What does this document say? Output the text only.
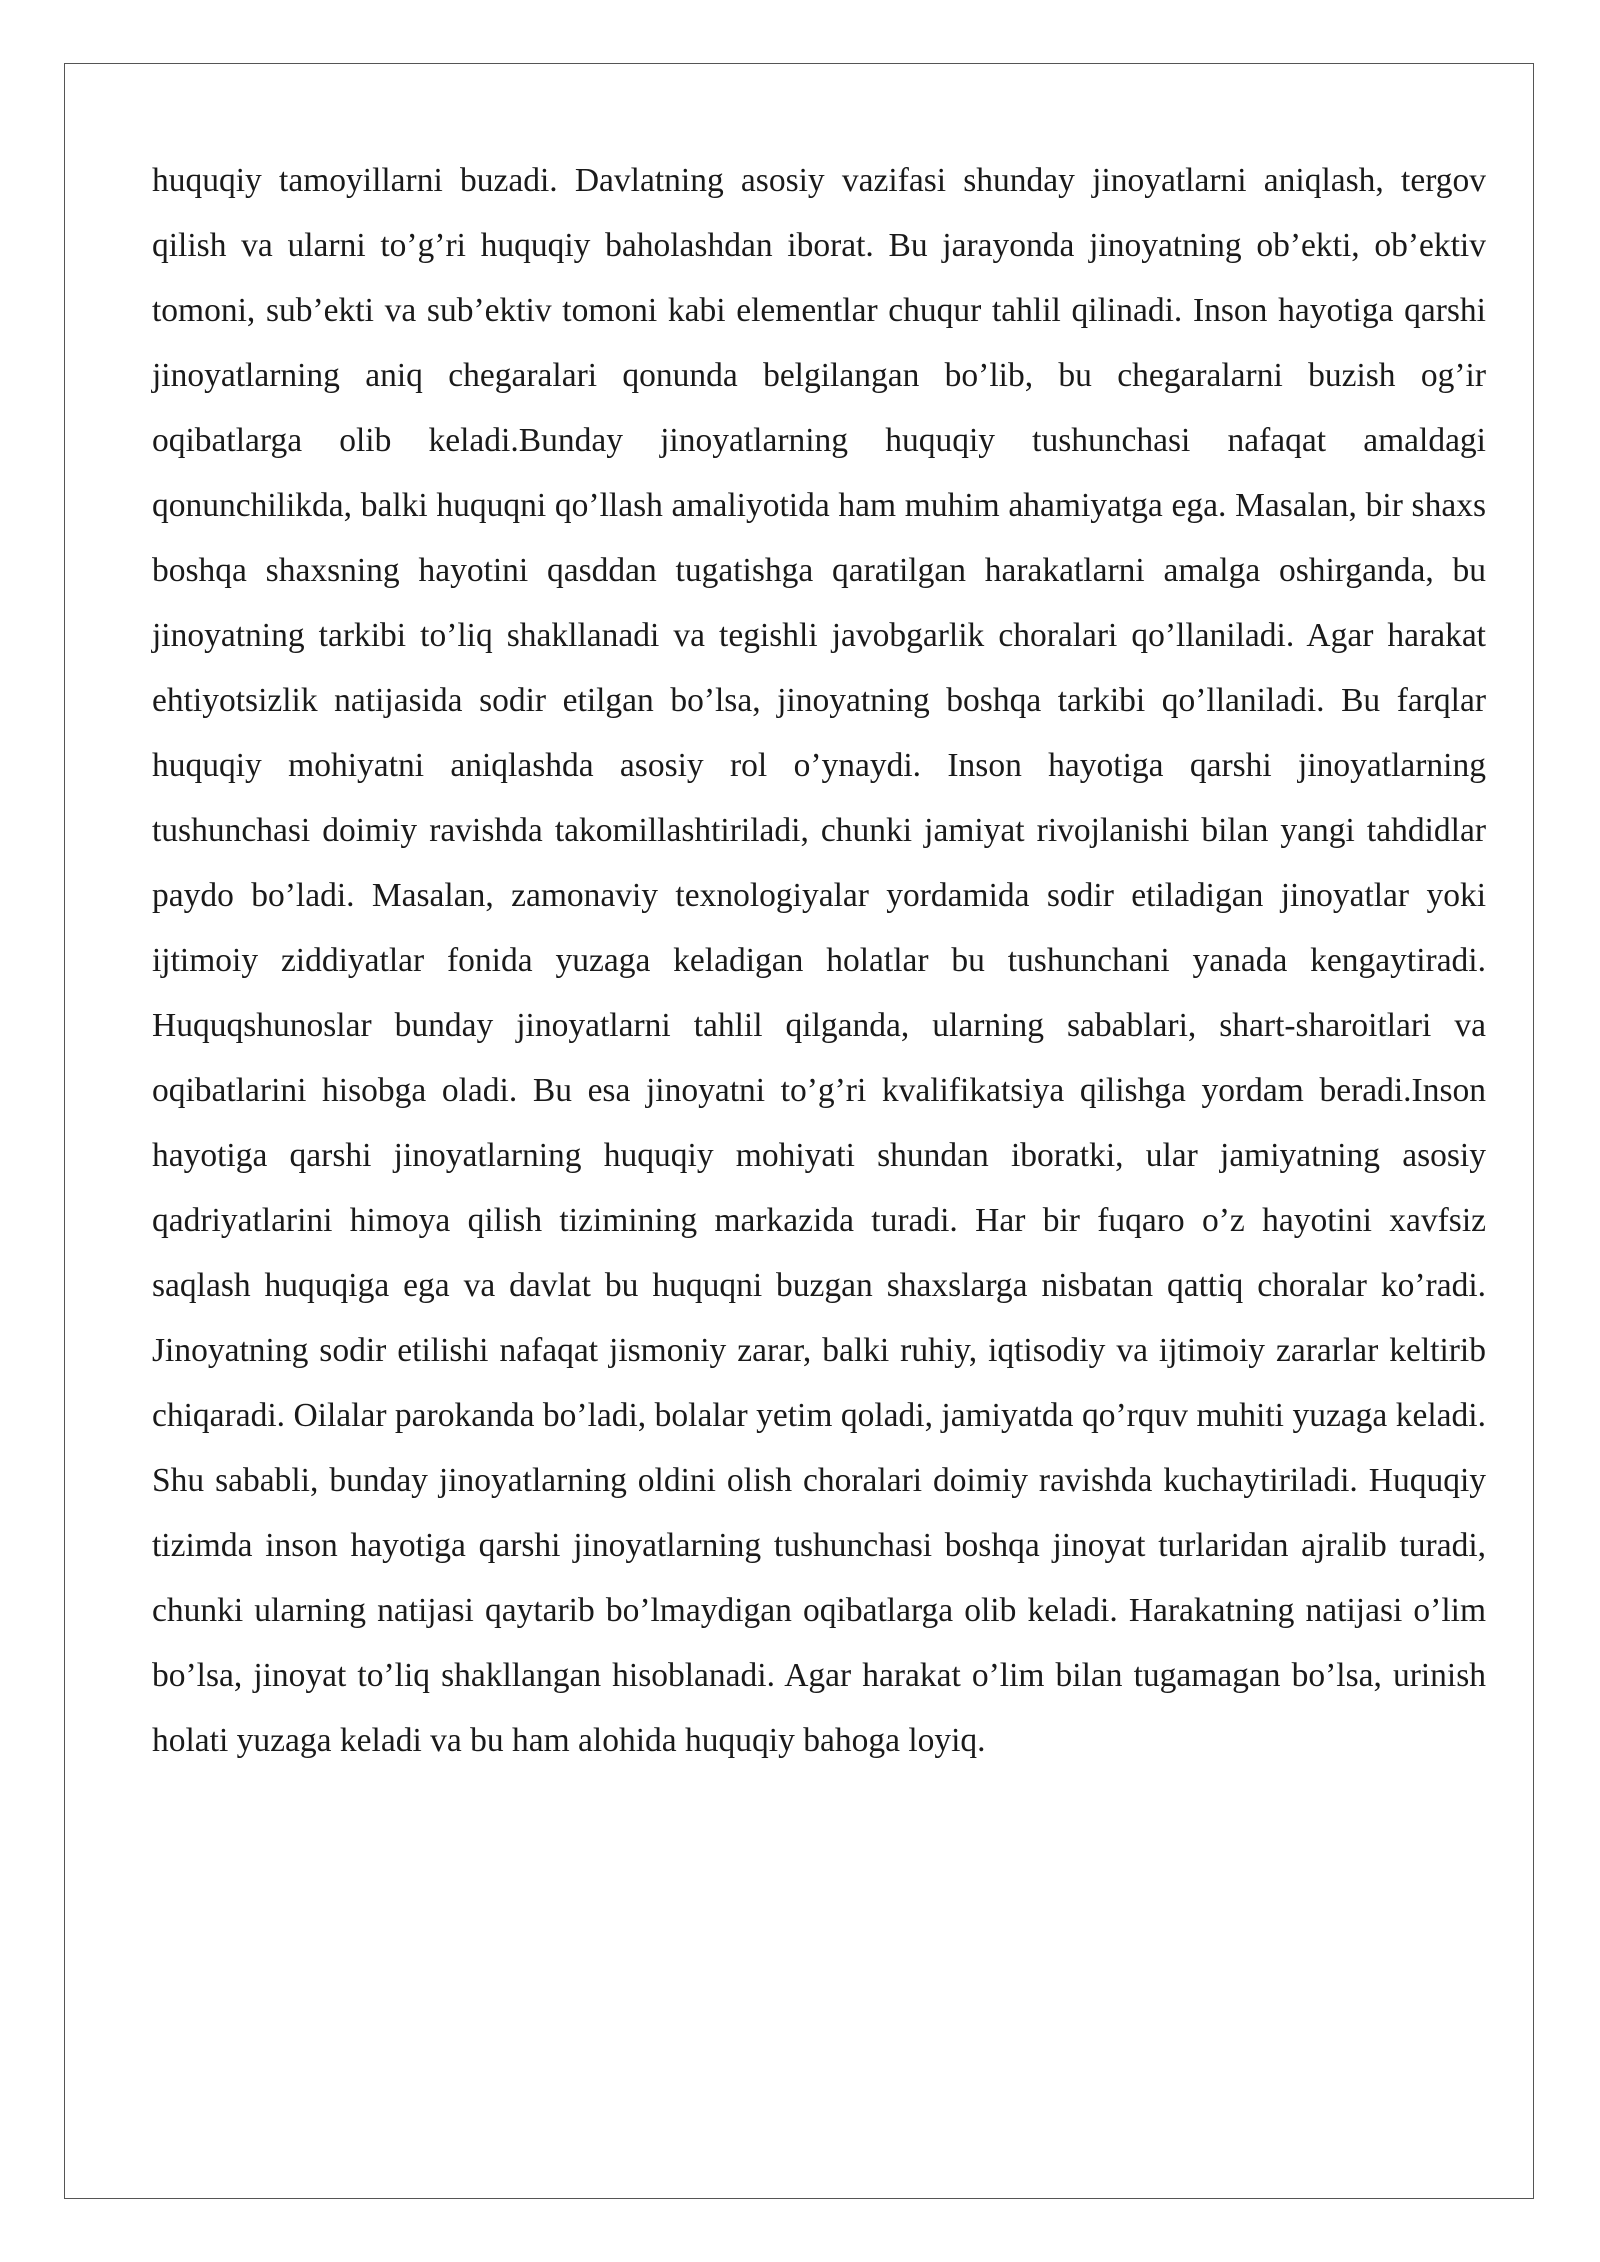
huquqiy tamoyillarni buzadi. Davlatning asosiy vazifasi shunday jinoyatlarni aniqlash, tergov qilish va ularni to’g’ri huquqiy baholashdan iborat. Bu jarayonda jinoyatning ob’ekti, ob’ektiv tomoni, sub’ekti va sub’ektiv tomoni kabi elementlar chuqur tahlil qilinadi. Inson hayotiga qarshi jinoyatlarning aniq chegaralari qonunda belgilangan bo’lib, bu chegaralarni buzish og’ir oqibatlarga olib keladi.Bunday jinoyatlarning huquqiy tushunchasi nafaqat amaldagi qonunchilikda, balki huquqni qo’llash amaliyotida ham muhim ahamiyatga ega. Masalan, bir shaxs boshqa shaxsning hayotini qasddan tugatishga qaratilgan harakatlarni amalga oshirganda, bu jinoyatning tarkibi to’liq shakllanadi va tegishli javobgarlik choralari qo’llaniladi. Agar harakat ehtiyotsizlik natijasida sodir etilgan bo’lsa, jinoyatning boshqa tarkibi qo’llaniladi. Bu farqlar huquqiy mohiyatni aniqlashda asosiy rol o’ynaydi. Inson hayotiga qarshi jinoyatlarning tushunchasi doimiy ravishda takomillashtiriladi, chunki jamiyat rivojlanishi bilan yangi tahdidlar paydo bo’ladi. Masalan, zamonaviy texnologiyalar yordamida sodir etiladigan jinoyatlar yoki ijtimoiy ziddiyatlar fonida yuzaga keladigan holatlar bu tushunchani yanada kengaytiradi. Huquqshunoslar bunday jinoyatlarni tahlil qilganda, ularning sabablari, shart-sharoitlari va oqibatlarini hisobga oladi. Bu esa jinoyatni to’g’ri kvalifikatsiya qilishga yordam beradi.Inson hayotiga qarshi jinoyatlarning huquqiy mohiyati shundan iboratki, ular jamiyatning asosiy qadriyatlarini himoya qilish tizimining markazida turadi. Har bir fuqaro o’z hayotini xavfsiz saqlash huquqiga ega va davlat bu huquqni buzgan shaxslarga nisbatan qattiq choralar ko’radi. Jinoyatning sodir etilishi nafaqat jismoniy zarar, balki ruhiy, iqtisodiy va ijtimoiy zararlar keltirib chiqaradi. Oilalar parokanda bo’ladi, bolalar yetim qoladi, jamiyatda qo’rquv muhiti yuzaga keladi. Shu sababli, bunday jinoyatlarning oldini olish choralari doimiy ravishda kuchaytiriladi. Huquqiy tizimda inson hayotiga qarshi jinoyatlarning tushunchasi boshqa jinoyat turlaridan ajralib turadi, chunki ularning natijasi qaytarib bo’lmaydigan oqibatlarga olib keladi. Harakatning natijasi o’lim bo’lsa, jinoyat to’liq shakllangan hisoblanadi. Agar harakat o’lim bilan tugamagan bo’lsa, urinish holati yuzaga keladi va bu ham alohida huquqiy bahoga loyiq.
